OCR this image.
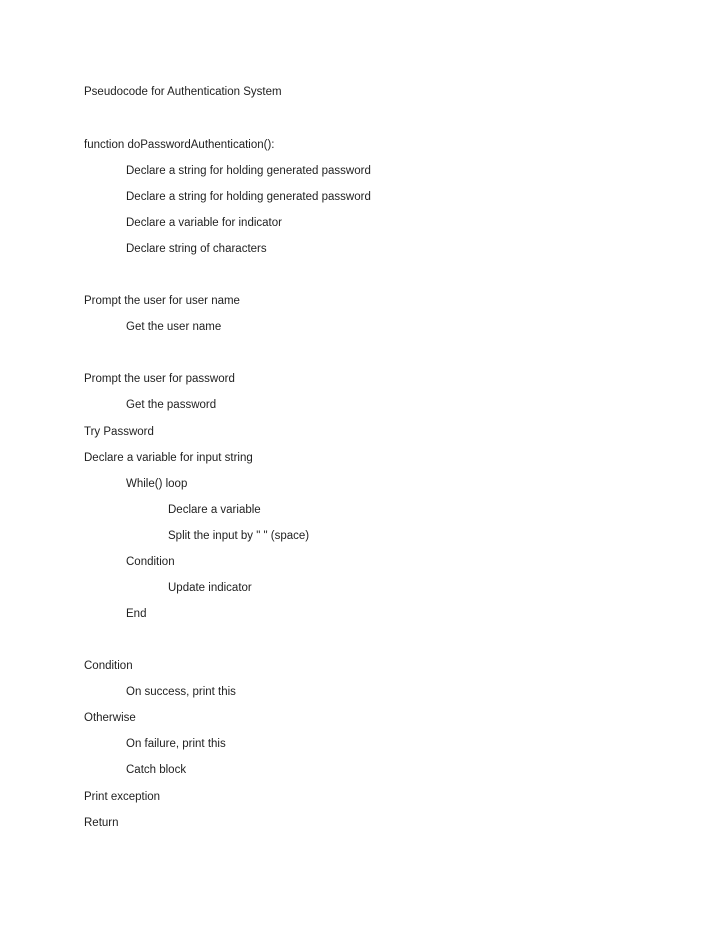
Pseudocode for Authentication System
function doPasswordAuthentication():
Declare a string for holding generated password
Declare a string for holding generated password
Declare a variable for indicator
Declare string of characters
Prompt the user for user name
Get the user name
Prompt the user for password
Get the password
Try Password
Declare a variable for input string
While() loop
Declare a variable
Split the input by " " (space)
Condition
Update indicator
End
Condition
On success, print this
Otherwise
On failure, print this
Catch block
Print exception
Return
